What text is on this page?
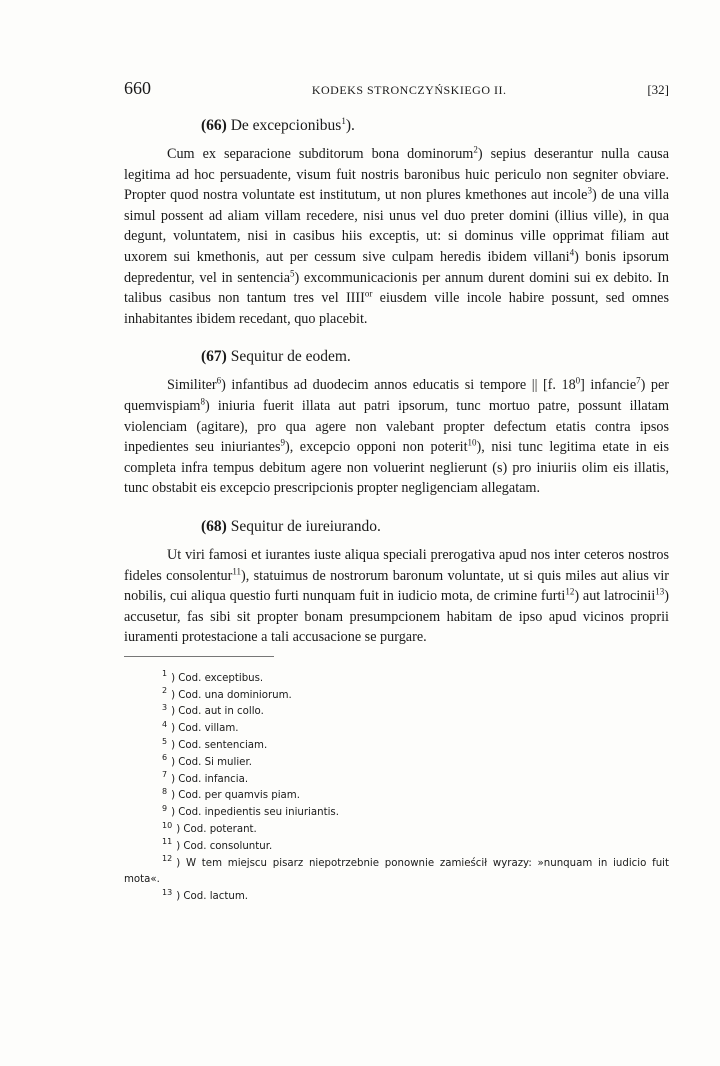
660	KODEKS STRONCZYŃSKIEGO II.	[32]
(66) De excepcionibus$^1$).

Cum ex separacione subditorum bona dominorum$^2$) sepius deserantur nulla causa legitima ad hoc persuadente, visum fuit nostris baronibus huic periculo non segniter obviare. Propter quod nostra voluntate est institutum, ut non plures kmethones aut incole$^3$) de una villa simul possent ad aliam villam recedere, nisi unus vel duo preter domini (illius ville), in qua degunt, voluntatem, nisi in casibus hiis exceptis, ut: si dominus ville opprimat filiam aut uxorem sui kmethonis, aut per cessum sive culpam heredis ibidem villani$^4$) bonis ipsorum depredentur, vel in sentencia$^5$) excommunicacionis per annum durent domini sui ex debito. In talibus casibus non tantum tres vel $IIII^{or}$ eiusdem ville incole habire possunt, sed omnes inhabitantes ibidem recedant, quo placebit.

(67) Sequitur de eodem.

Similiter$^6$) infantibus ad duodecim annos educatis si tempore || [f. $18^0$] infancie$^7$) per quemvispiam$^8$) iniuria fuerit illata aut patri ipsorum, tunc mortuo patre, possunt illatam violenciam (agitare), pro qua agere non valebant propter defectum etatis contra ipsos inpedientes seu iniuriantes$^9$), excepcio opponi non poterit$^{10}$), nisi tunc legitima etate in eis completa infra tempus debitum agere non voluerint neglierunt (s) pro iniuriis olim eis illatis, tunc obstabit eis excepcio prescripcionis propter negligenciam allegatam.

(68) Sequitur de iureiurando.

Ut viri famosi et iurantes iuste aliqua speciali prerogativa apud nos inter ceteros nostros fideles consolentur$^{11}$), statuimus de nostrorum baronum voluntate, ut si quis miles aut alius vir nobilis, cui aliqua questio furti nunquam fuit in iudicio mota, de crimine furti$^{12}$) aut latrocinii$^{13}$) accusetur, fas sibi sit propter bonam presumpcionem habitam de ipso apud vicinos proprii iuramenti protestacione a tali accusacione se purgare.

$^1$ ) Cod. exceptibus.
$^2$ ) Cod. una dominiorum.
$^3$ ) Cod. aut in collo.
$^4$ ) Cod. villam.
$^5$ ) Cod. sentenciam.
$^6$ ) Cod. Si mulier.
$^7$ ) Cod. infancia.
$^8$ ) Cod. per quamvis piam.
$^9$ ) Cod. inpedientis seu iniuriantis.
$^{10}$ ) Cod. poterant.
$^{11}$ ) Cod. consoluntur.
$^{12}$ ) W tem miejscu pisarz niepotrzebnie ponownie zamieścił wyrazy: »nunquam in iudicio fuit mota«.
$^{13}$ ) Cod. lactum.
